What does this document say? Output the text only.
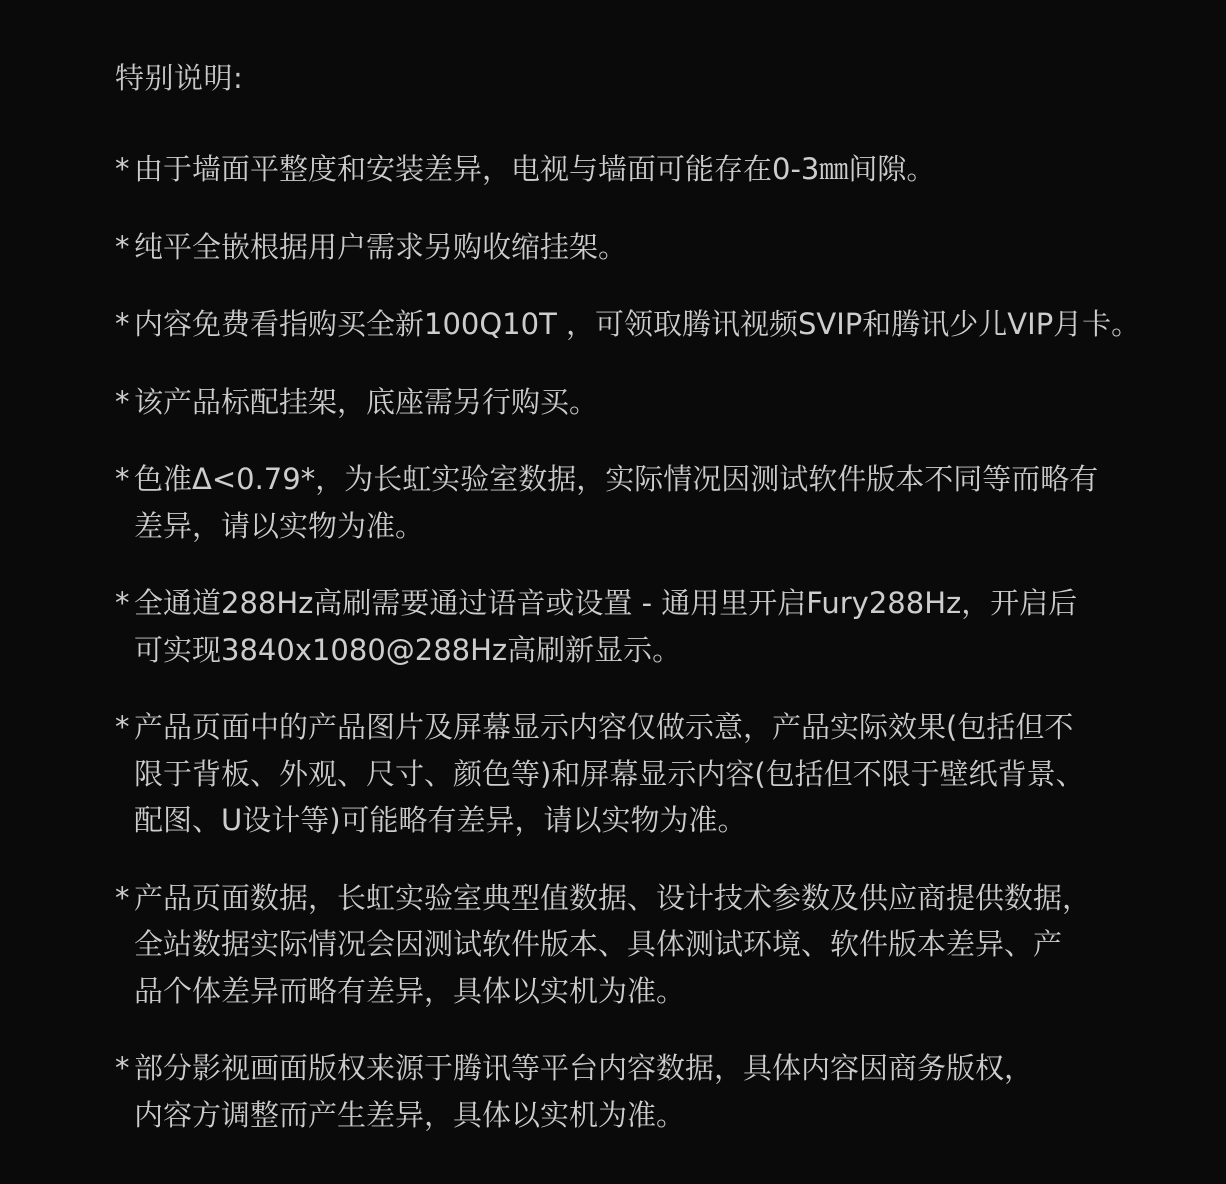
特别说明:
* 由于墙面平整度和安装差异，电视与墙面可能存在0-3㎜间隙。
* 纯平全嵌根据用户需求另购收缩挂架。
* 内容免费看指购买全新100Q10T ，可领取腾讯视频SVIP和腾讯少儿VIP月卡。
* 该产品标配挂架，底座需另行购买。
* 色准Δ<0.79*，为长虹实验室数据，实际情况因测试软件版本不同等而略有
差异，请以实物为准。
* 全通道288Hz高刷需要通过语音或设置 - 通用里开启Fury288Hz，开启后
可实现3840x1080@288Hz高刷新显示。
* 产品页面中的产品图片及屏幕显示内容仅做示意，产品实际效果(包括但不
限于背板、外观、尺寸、颜色等)和屏幕显示内容(包括但不限于壁纸背景、
配图、U设计等)可能略有差异，请以实物为准。
* 产品页面数据，长虹实验室典型值数据、设计技术参数及供应商提供数据，
全站数据实际情况会因测试软件版本、具体测试环境、软件版本差异、产
品个体差异而略有差异，具体以实机为准。
* 部分影视画面版权来源于腾讯等平台内容数据，具体内容因商务版权，
内容方调整而产生差异，具体以实机为准。
